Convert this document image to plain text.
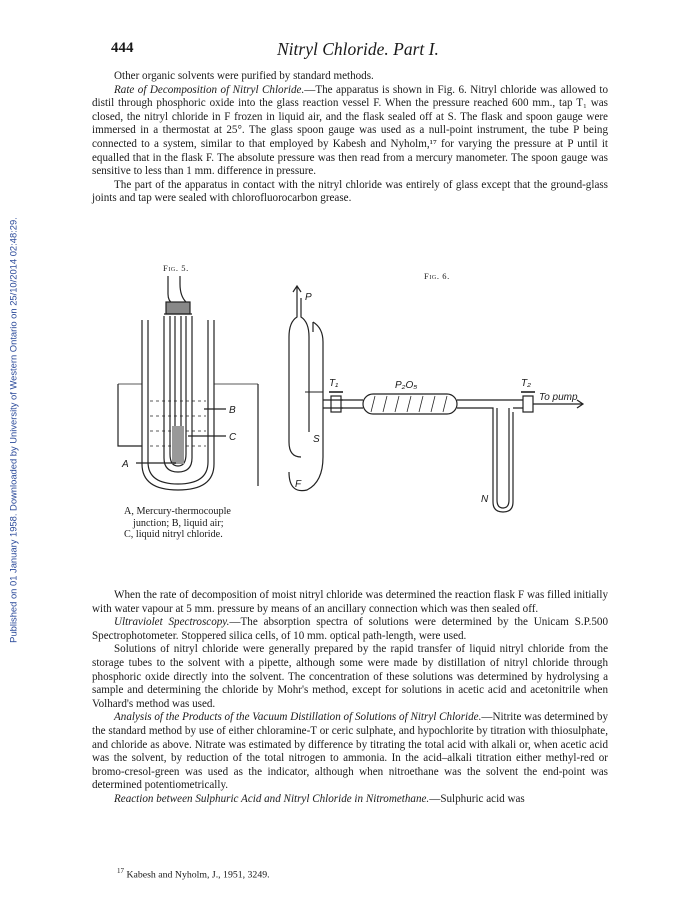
Published on 01 January 1958. Downloaded by University of Western Ontario on 25/10/2014 02:48:29.
444	Nitryl Chloride. Part I.

Other organic solvents were purified by standard methods.

Rate of Decomposition of Nitryl Chloride.—The apparatus is shown in Fig. 6. Nitryl chloride was allowed to distil through phosphoric oxide into the glass reaction vessel F. When the pressure reached 600 mm., tap T₁ was closed, the nitryl chloride in F frozen in liquid air, and the flask sealed off at S. The flask and spoon gauge were immersed in a thermostat at 25°. The glass spoon gauge was used as a null-point instrument, the tube P being connected to a system, similar to that employed by Kabesh and Nyholm,¹⁷ for varying the pressure at P until it equalled that in the flask F. The absolute pressure was then read from a mercury manometer. The spoon gauge was sensitive to less than 1 mm. difference in pressure.

The part of the apparatus in contact with the nitryl chloride was entirely of glass except that the ground-glass joints and tap were sealed with chlorofluorocarbon grease.

Fig. 5.
B
C
A

A, Mercury-thermocouple junction; B, liquid air;

C, liquid nitryl chloride.

Fig. 6.
P
S
F
T₁	P₂O₅
N
T₂
To pump

When the rate of decomposition of moist nitryl chloride was determined the reaction flask F was filled initially with water vapour at 5 mm. pressure by means of an ancillary connection which was then sealed off.

Ultraviolet Spectroscopy.—The absorption spectra of solutions were determined by the Unicam S.P.500 Spectrophotometer. Stoppered silica cells, of 10 mm. optical path-length, were used.

Solutions of nitryl chloride were generally prepared by the rapid transfer of liquid nitryl chloride from the storage tubes to the solvent with a pipette, although some were made by distillation of nitryl chloride through phosphoric oxide directly into the solvent. The concentration of these solutions was determined by hydrolysing a sample and determining the chloride by Mohr's method, except for solutions in acetic acid and acetonitrile when Volhard's method was used.

Analysis of the Products of the Vacuum Distillation of Solutions of Nitryl Chloride.—Nitrite was determined by the standard method by use of either chloramine-T or ceric sulphate, and hypochlorite by titration with thiosulphate, and chloride as above. Nitrate was estimated by difference by titrating the total acid with alkali or, when acetic acid was the solvent, by reduction of the total nitrogen to ammonia. In the acid–alkali titration either methyl-red or bromo-cresol-green was used as the indicator, although when nitroethane was the solvent the end-point was determined potentiometrically.

Reaction between Sulphuric Acid and Nitryl Chloride in Nitromethane.—Sulphuric acid was

$^{17}$ Kabesh and Nyholm, J., 1951, 3249.
